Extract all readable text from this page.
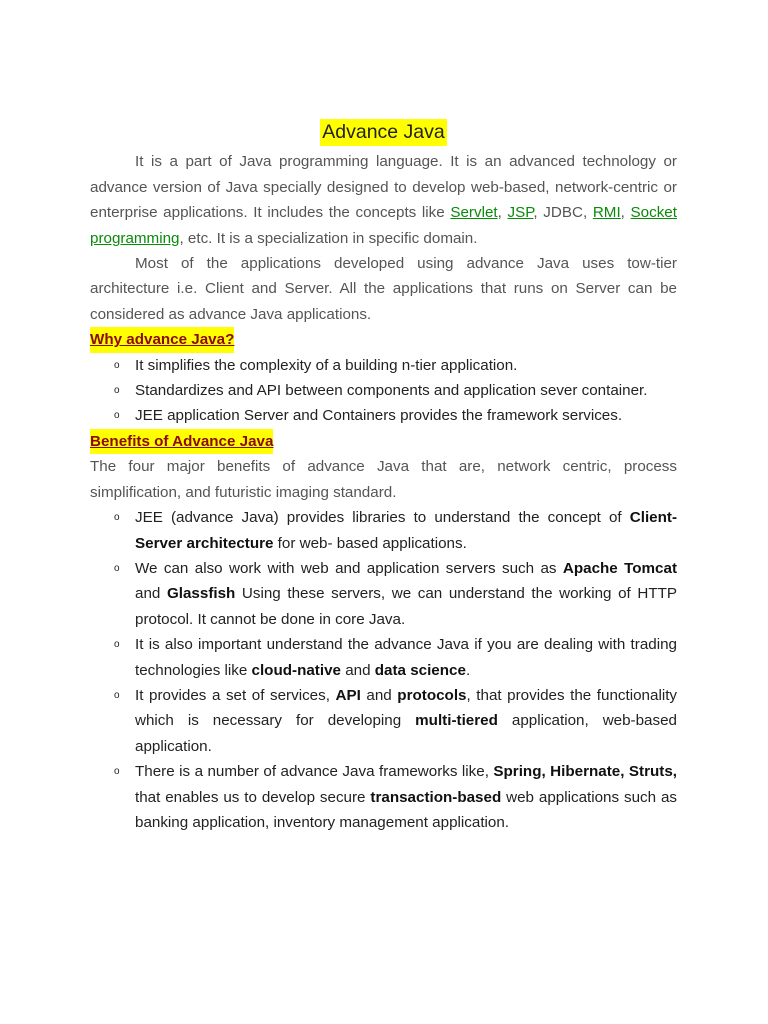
Advance Java

It is a part of Java programming language. It is an advanced technology or advance version of Java specially designed to develop web-based, network-centric or enterprise applications. It includes the concepts like Servlet, JSP, JDBC, RMI, Socket programming, etc. It is a specialization in specific domain.

Most of the applications developed using advance Java uses tow-tier architecture i.e. Client and Server. All the applications that runs on Server can be considered as advance Java applications.

Why advance Java?
o It simplifies the complexity of a building n-tier application.
o Standardizes and API between components and application sever container.
o JEE application Server and Containers provides the framework services.
Benefits of Advance Java

The four major benefits of advance Java that are, network centric, process simplification, and futuristic imaging standard.

o JEE (advance Java) provides libraries to understand the concept of Client-Server architecture for web- based applications.
o We can also work with web and application servers such as Apache Tomcat and Glassfish Using these servers, we can understand the working of HTTP protocol. It cannot be done in core Java.
o It is also important understand the advance Java if you are dealing with trading technologies like cloud-native and data science.
o It provides a set of services, API and protocols, that provides the functionality which is necessary for developing multi-tiered application, web-based application.
o There is a number of advance Java frameworks like, Spring, Hibernate, Struts, that enables us to develop secure transaction-based web applications such as banking application, inventory management application.
